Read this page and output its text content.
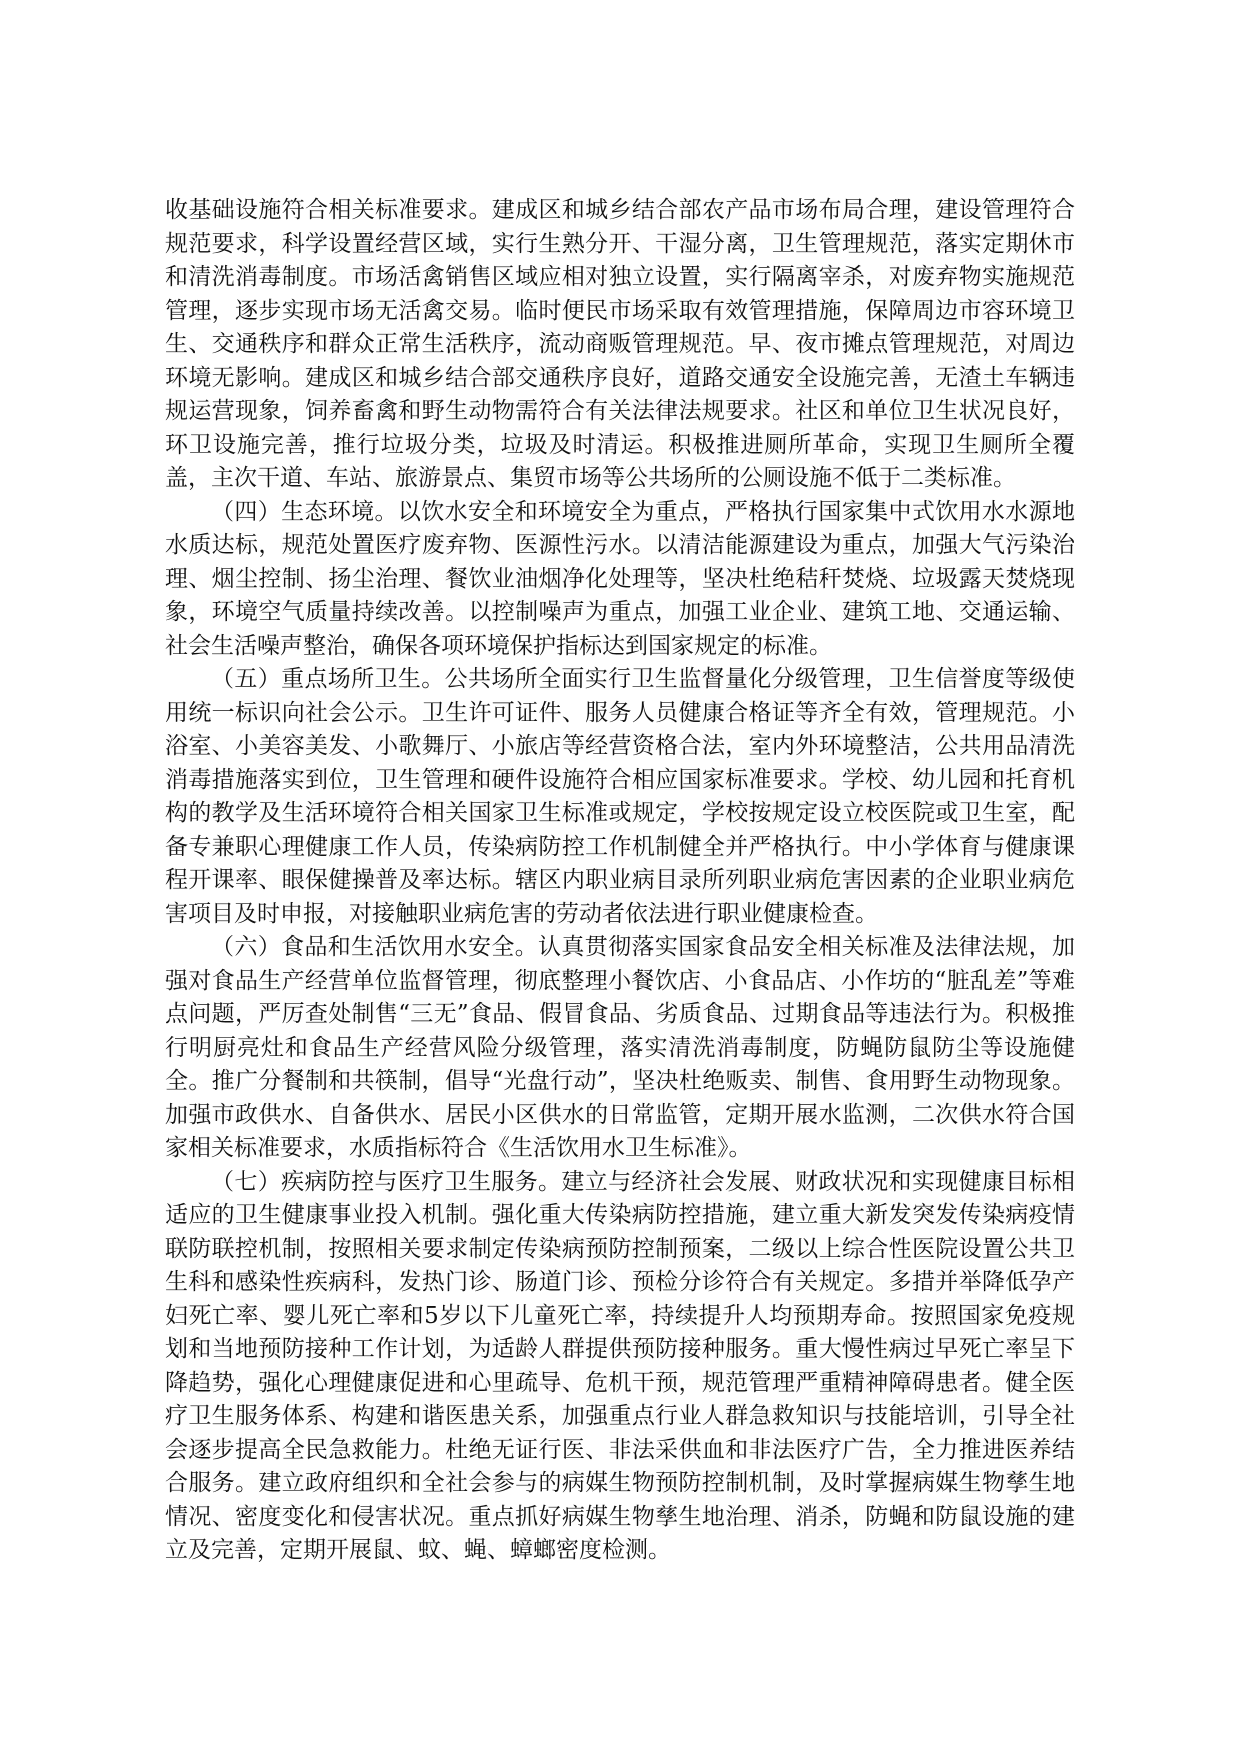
收基础设施符合相关标准要求。建成区和城乡结合部农产品市场布局合理，建设管理符合规范要求，科学设置经营区域，实行生熟分开、干湿分离，卫生管理规范，落实定期休市和清洗消毒制度。市场活禽销售区域应相对独立设置，实行隔离宰杀，对废弃物实施规范管理，逐步实现市场无活禽交易。临时便民市场采取有效管理措施，保障周边市容环境卫生、交通秩序和群众正常生活秩序，流动商贩管理规范。早、夜市摊点管理规范，对周边环境无影响。建成区和城乡结合部交通秩序良好，道路交通安全设施完善，无渣土车辆违规运营现象，饲养畜禽和野生动物需符合有关法律法规要求。社区和单位卫生状况良好，环卫设施完善，推行垃圾分类，垃圾及时清运。积极推进厕所革命，实现卫生厕所全覆盖，主次干道、车站、旅游景点、集贸市场等公共场所的公厕设施不低于二类标准。

（四）生态环境。以饮水安全和环境安全为重点，严格执行国家集中式饮用水水源地水质达标，规范处置医疗废弃物、医源性污水。以清洁能源建设为重点，加强大气污染治理、烟尘控制、扬尘治理、餐饮业油烟净化处理等，坚决杜绝秸秆焚烧、垃圾露天焚烧现象，环境空气质量持续改善。以控制噪声为重点，加强工业企业、建筑工地、交通运输、社会生活噪声整治，确保各项环境保护指标达到国家规定的标准。

（五）重点场所卫生。公共场所全面实行卫生监督量化分级管理，卫生信誉度等级使用统一标识向社会公示。卫生许可证件、服务人员健康合格证等齐全有效，管理规范。小浴室、小美容美发、小歌舞厅、小旅店等经营资格合法，室内外环境整洁，公共用品清洗消毒措施落实到位，卫生管理和硬件设施符合相应国家标准要求。学校、幼儿园和托育机构的教学及生活环境符合相关国家卫生标准或规定，学校按规定设立校医院或卫生室，配备专兼职心理健康工作人员，传染病防控工作机制健全并严格执行。中小学体育与健康课程开课率、眼保健操普及率达标。辖区内职业病目录所列职业病危害因素的企业职业病危害项目及时申报，对接触职业病危害的劳动者依法进行职业健康检查。

（六）食品和生活饮用水安全。认真贯彻落实国家食品安全相关标准及法律法规，加强对食品生产经营单位监督管理，彻底整理小餐饮店、小食品店、小作坊的“脏乱差”等难点问题，严厉查处制售“三无”食品、假冒食品、劣质食品、过期食品等违法行为。积极推行明厨亮灶和食品生产经营风险分级管理，落实清洗消毒制度，防蝇防鼠防尘等设施健全。推广分餐制和共筷制，倡导“光盘行动”，坚决杜绝贩卖、制售、食用野生动物现象。加强市政供水、自备供水、居民小区供水的日常监管，定期开展水监测，二次供水符合国家相关标准要求，水质指标符合《生活饮用水卫生标准》。

（七）疾病防控与医疗卫生服务。建立与经济社会发展、财政状况和实现健康目标相适应的卫生健康事业投入机制。强化重大传染病防控措施，建立重大新发突发传染病疫情联防联控机制，按照相关要求制定传染病预防控制预案，二级以上综合性医院设置公共卫生科和感染性疾病科，发热门诊、肠道门诊、预检分诊符合有关规定。多措并举降低孕产妇死亡率、婴儿死亡率和5岁以下儿童死亡率，持续提升人均预期寿命。按照国家免疫规划和当地预防接种工作计划，为适龄人群提供预防接种服务。重大慢性病过早死亡率呈下降趋势，强化心理健康促进和心里疏导、危机干预，规范管理严重精神障碍患者。健全医疗卫生服务体系、构建和谐医患关系，加强重点行业人群急救知识与技能培训，引导全社会逐步提高全民急救能力。杜绝无证行医、非法采供血和非法医疗广告，全力推进医养结合服务。建立政府组织和全社会参与的病媒生物预防控制机制，及时掌握病媒生物孳生地情况、密度变化和侵害状况。重点抓好病媒生物孳生地治理、消杀，防蝇和防鼠设施的建立及完善，定期开展鼠、蚊、蝇、蟑螂密度检测。
